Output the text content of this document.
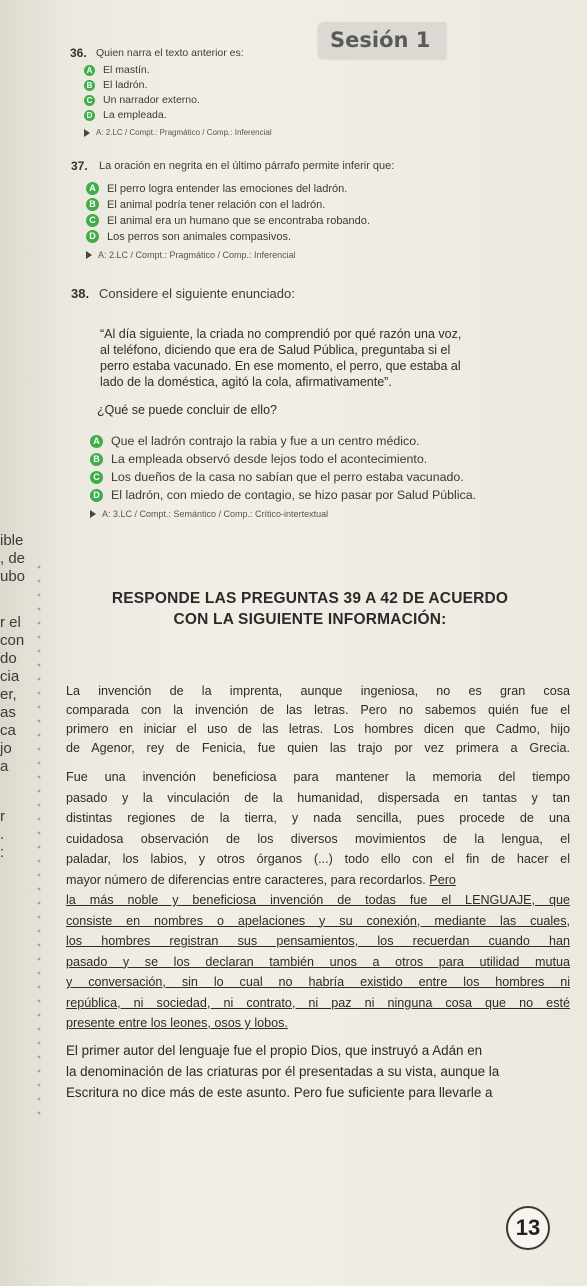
Sesión 1
ible
, de
ubo
r el
con
do
cia
er,
as
ca
jo
a
r
.
:
36. Quien narra el texto anterior es:
A El mastín.
B El ladrón.
C Un narrador externo.
D La empleada.
A: 2.LC / Compt.: Pragmático / Comp.: Inferencial
37. La oración en negrita en el último párrafo permite inferir que:
A El perro logra entender las emociones del ladrón.
B El animal podría tener relación con el ladrón.
C El animal era un humano que se encontraba robando.
D Los perros son animales compasivos.
A: 2.LC / Compt.: Pragmático / Comp.: Inferencial
38. Considere el siguiente enunciado:
“Al día siguiente, la criada no comprendió por qué razón una voz,
al teléfono, diciendo que era de Salud Pública, preguntaba si el
perro estaba vacunado. En ese momento, el perro, que estaba al
lado de la doméstica, agitó la cola, afirmativamente”.
¿Qué se puede concluir de ello?
A Que el ladrón contrajo la rabia y fue a un centro médico.
B La empleada observó desde lejos todo el acontecimiento.
C Los dueños de la casa no sabían que el perro estaba vacunado.
D El ladrón, con miedo de contagio, se hizo pasar por Salud Pública.
A: 3.LC / Compt.: Semántico / Comp.: Crítico-intertextual
RESPONDE LAS PREGUNTAS 39 A 42 DE ACUERDO
CON LA SIGUIENTE INFORMACIÓN:
La invención de la imprenta, aunque ingeniosa, no es gran cosa
comparada con la invención de las letras. Pero no sabemos quién fue el
primero en iniciar el uso de las letras. Los hombres dicen que Cadmo, hijo
de Agenor, rey de Fenicia, fue quien las trajo por vez primera a Grecia.
Fue una invención beneficiosa para mantener la memoria del tiempo
pasado y la vinculación de la humanidad, dispersada en tantas y tan
distintas regiones de la tierra, y nada sencilla, pues procede de una
cuidadosa observación de los diversos movimientos de la lengua, el
paladar, los labios, y otros órganos (...) todo ello con el fin de hacer el
mayor número de diferencias entre caracteres, para recordarlos. Pero
la más noble y beneficiosa invención de todas fue el LENGUAJE, que
consiste en nombres o apelaciones y su conexión, mediante las cuales,
los hombres registran sus pensamientos, los recuerdan cuando han
pasado y se los declaran también unos a otros para utilidad mutua
y conversación, sin lo cual no habría existido entre los hombres ni
república, ni sociedad, ni contrato, ni paz ni ninguna cosa que no esté
presente entre los leones, osos y lobos.
El primer autor del lenguaje fue el propio Dios, que instruyó a Adán en
la denominación de las criaturas por él presentadas a su vista, aunque la
Escritura no dice más de este asunto. Pero fue suficiente para llevarle a
13
